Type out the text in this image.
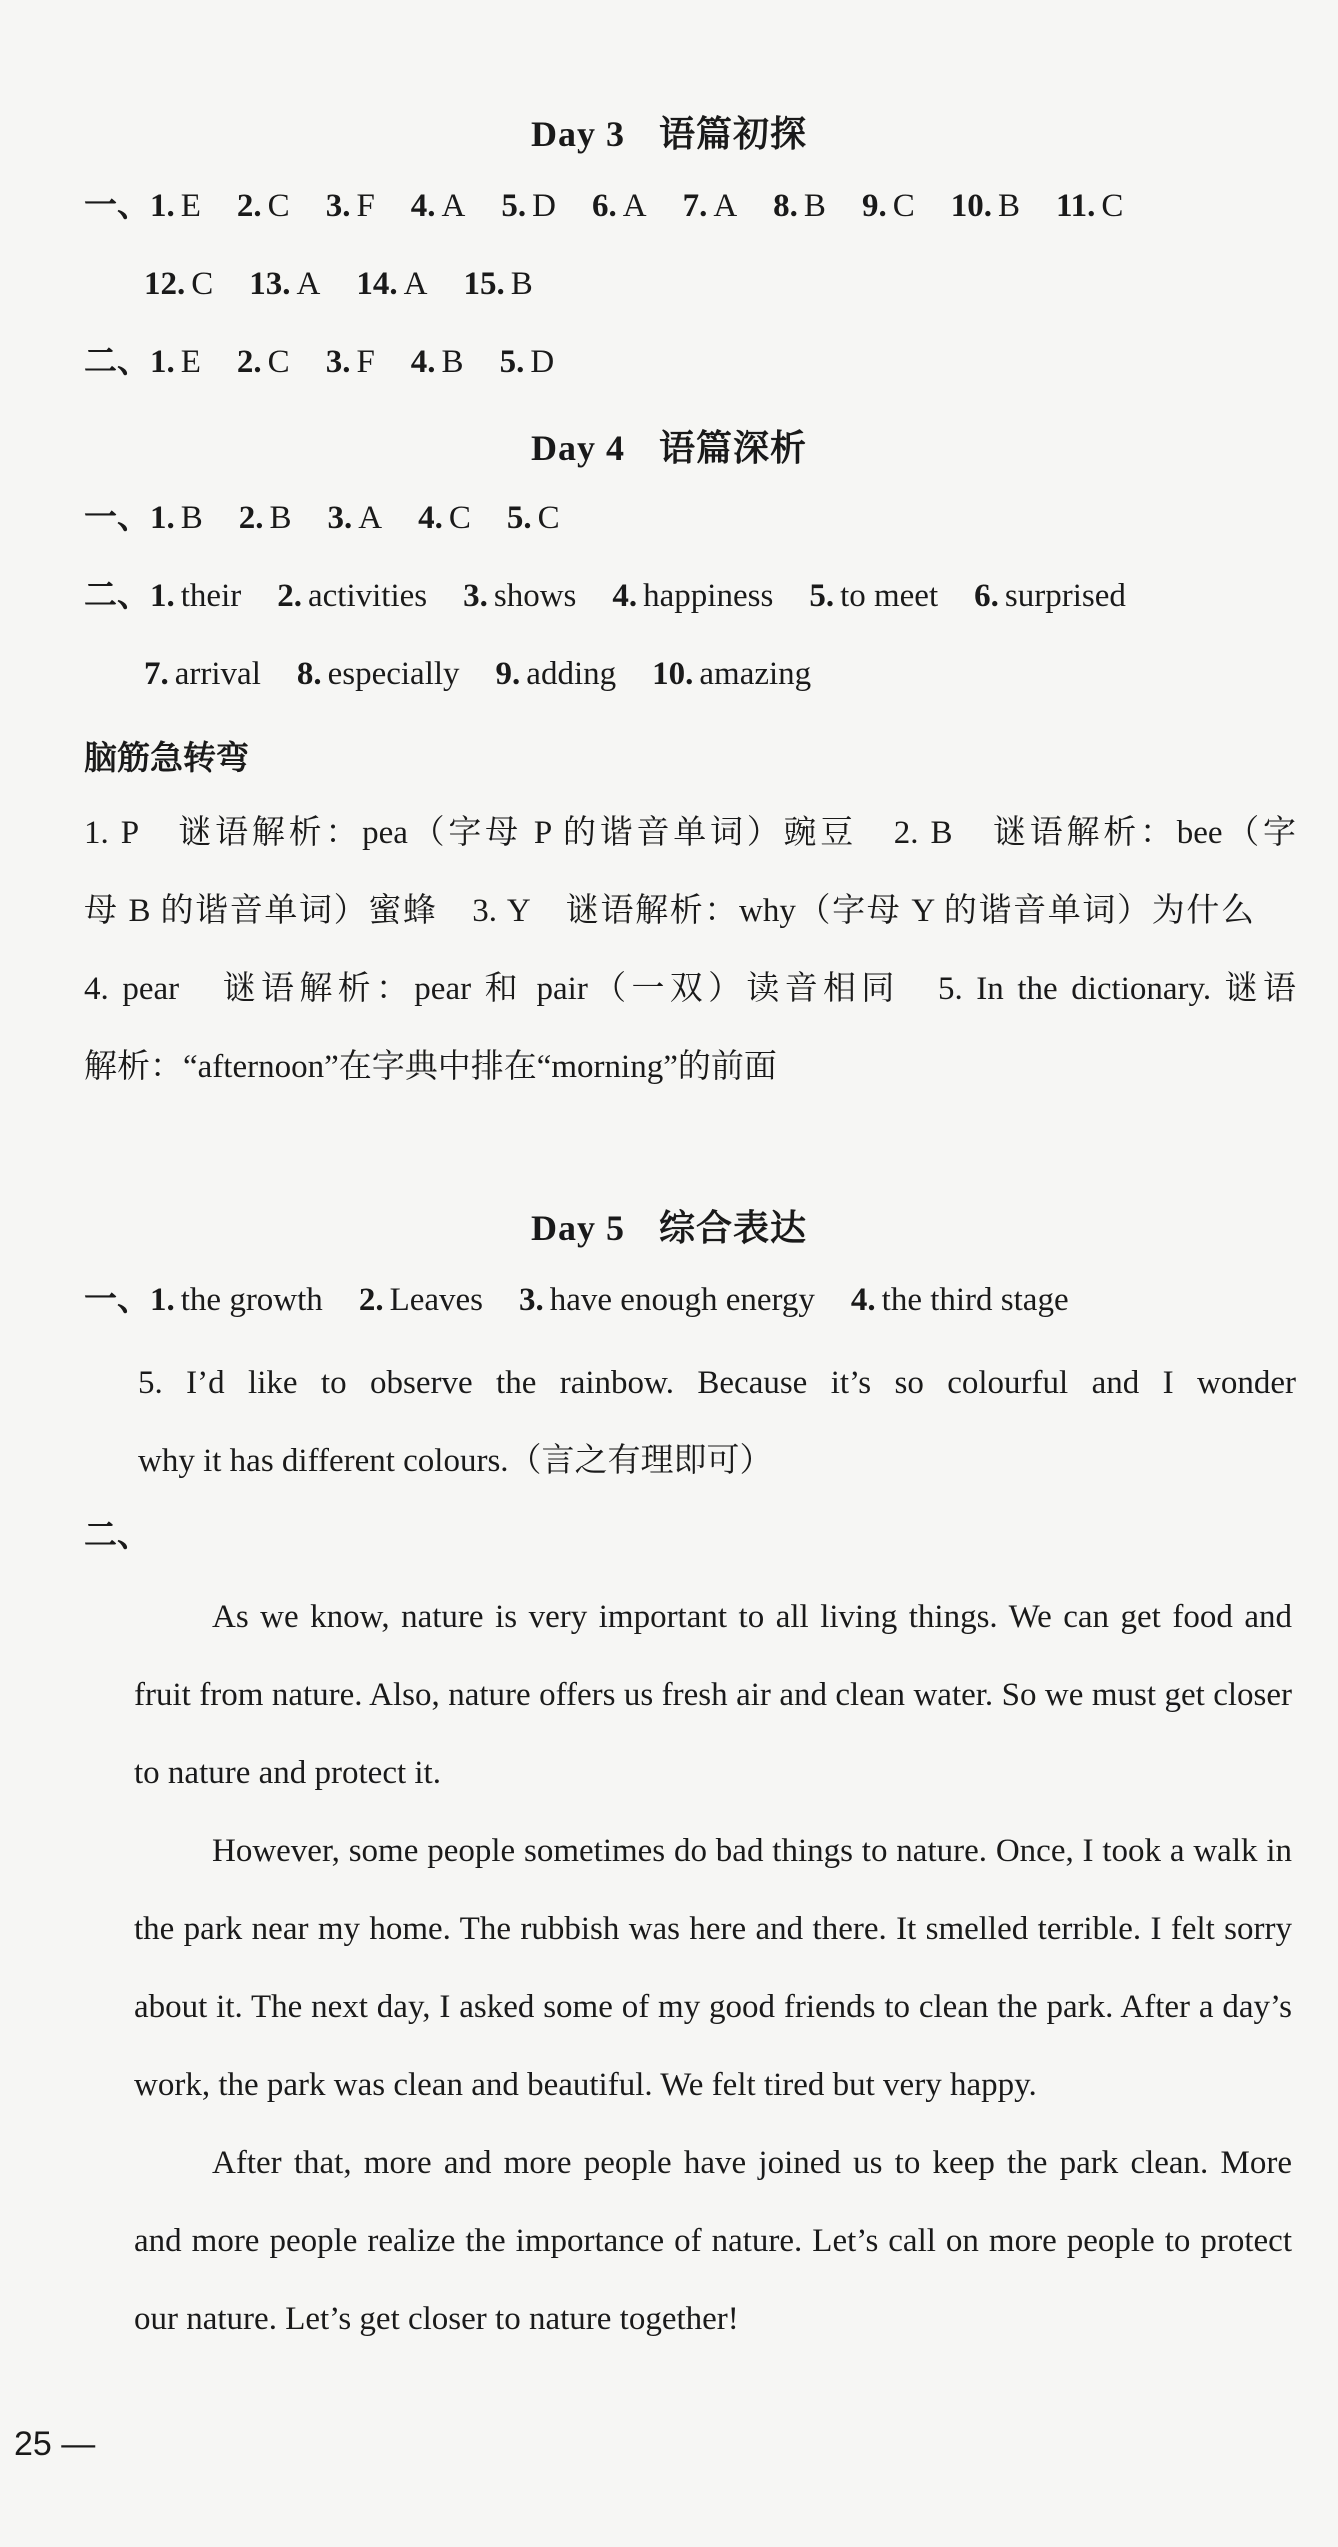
Day 3 语篇初探
一、1. E 2. C 3. F 4. A 5. D 6. A 7. A 8. B 9. C 10. B 11. C
12. C 13. A 14. A 15. B
二、1. E 2. C 3. F 4. B 5. D
Day 4 语篇深析
一、1. B 2. B 3. A 4. C 5. C
二、1. their 2. activities 3. shows 4. happiness 5. to meet 6. surprised
7. arrival 8. especially 9. adding 10. amazing
脑筋急转弯
1. P　谜语解析：pea（字母 P 的谐音单词）豌豆　2. B　谜语解析：bee（字
母 B 的谐音单词）蜜蜂　3. Y　谜语解析：why（字母 Y 的谐音单词）为什么
4. pear　谜语解析：pear 和 pair（一双）读音相同　5. In the dictionary. 谜语
解析：“afternoon”在字典中排在“morning”的前面
Day 5 综合表达
一、1. the growth 2. Leaves 3. have enough energy 4. the third stage
5. I’d like to observe the rainbow. Because it’s so colourful and I wonder
why it has different colours.（言之有理即可）
二、

As we know, nature is very important to all living things. We can get food and fruit from nature. Also, nature offers us fresh air and clean water. So we must get closer to nature and protect it.

However, some people sometimes do bad things to nature. Once, I took a walk in the park near my home. The rubbish was here and there. It smelled terrible. I felt sorry about it. The next day, I asked some of my good friends to clean the park. After a day’s work, the park was clean and beautiful. We felt tired but very happy.

After that, more and more people have joined us to keep the park clean. More and more people realize the importance of nature. Let’s call on more people to protect our nature. Let’s get closer to nature together!

25 —
